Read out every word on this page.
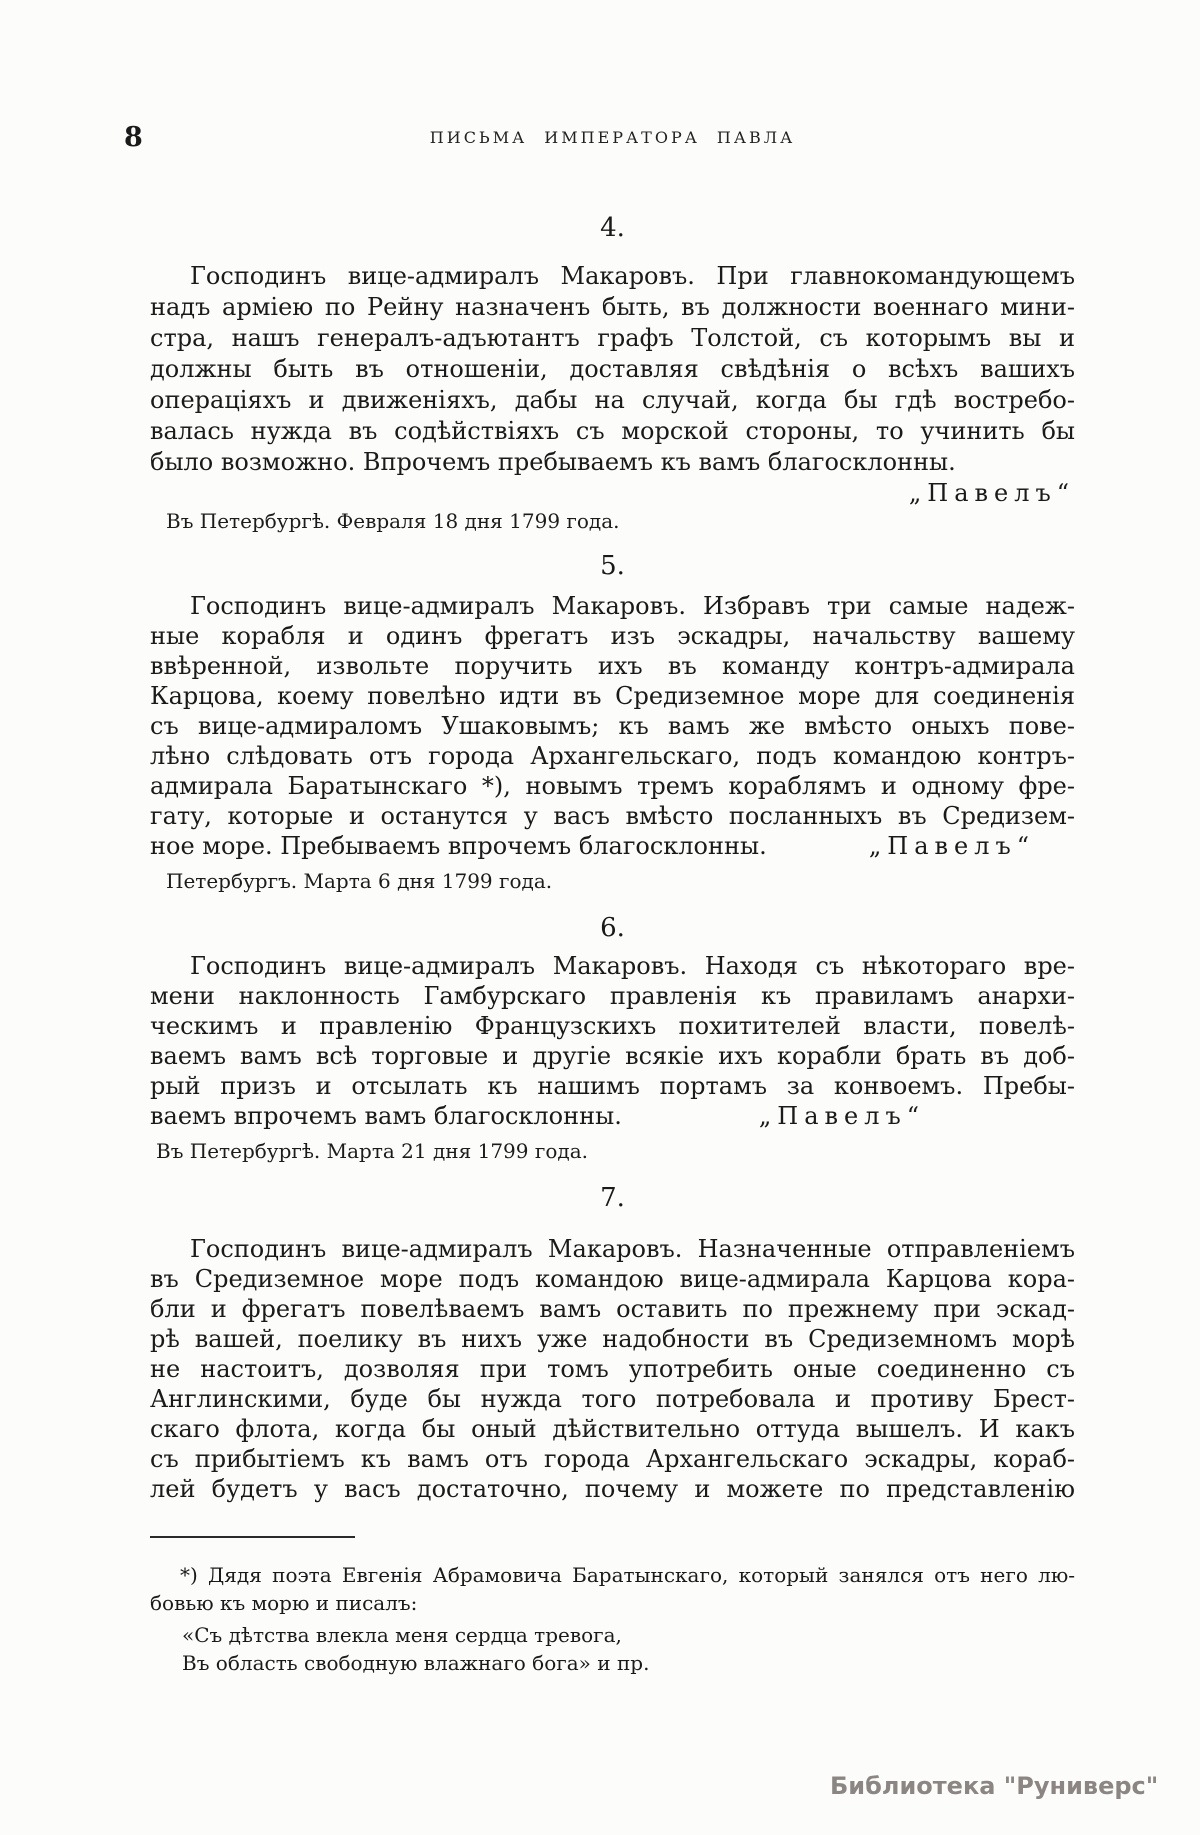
8	ПИСЬМА ИМПЕРАТОРА ПАВЛА
4.
Господинъ вице-адмиралъ Макаровъ. При главнокомандующемъ
надъ арміею по Рейну назначенъ быть, въ должности военнаго мини-
стра, нашъ генералъ-адъютантъ графъ Толстой, съ которымъ вы и
должны быть въ отношеніи, доставляя свѣдѣнія о всѣхъ вашихъ
операціяхъ и движеніяхъ, дабы на случай, когда бы гдѣ востребо-
валась нужда въ содѣйствіяхъ съ морской стороны, то учинить бы
было возможно. Впрочемъ пребываемъ къ вамъ благосклонны.
„Павелъ“
Въ Петербургѣ. Февраля 18 дня 1799 года.
5.
Господинъ вице-адмиралъ Макаровъ. Избравъ три самые надеж-
ные корабля и одинъ фрегатъ изъ эскадры, начальству вашему
ввѣренной, извольте поручить ихъ въ команду контръ-адмирала
Карцова, коему повелѣно идти въ Средиземное море для соединенія
съ вице-адмираломъ Ушаковымъ; къ вамъ же вмѣсто оныхъ пове-
лѣно слѣдовать отъ города Архангельскаго, подъ командою контръ-
адмирала Баратынскаго *), новымъ тремъ кораблямъ и одному фре-
гату, которые и останутся у васъ вмѣсто посланныхъ въ Средизем-
ное море. Пребываемъ впрочемъ благосклонны.	„Павелъ“
Петербургъ. Марта 6 дня 1799 года.
6.
Господинъ вице-адмиралъ Макаровъ. Находя съ нѣкотораго вре-
мени наклонность Гамбурскаго правленія къ правиламъ анархи-
ческимъ и правленію Французскихъ похитителей власти, повелѣ-
ваемъ вамъ всѣ торговые и другіе всякіе ихъ корабли брать въ доб-
рый призъ и отсылать къ нашимъ портамъ за конвоемъ. Пребы-
ваемъ впрочемъ вамъ благосклонны.	„Павелъ“
Въ Петербургѣ. Марта 21 дня 1799 года.
7.
Господинъ вице-адмиралъ Макаровъ. Назначенные отправленіемъ
въ Средиземное море подъ командою вице-адмирала Карцова кора-
бли и фрегатъ повелѣваемъ вамъ оставить по прежнему при эскад-
рѣ вашей, поелику въ нихъ уже надобности въ Средиземномъ морѣ
не настоитъ, дозволяя при томъ употребить оные соединенно съ
Англинскими, буде бы нужда того потребовала и противу Брест-
скаго флота, когда бы оный дѣйствительно оттуда вышелъ. И какъ
съ прибытіемъ къ вамъ отъ города Архангельскаго эскадры, кораб-
лей будетъ у васъ достаточно, почему и можете по представленію
*) Дядя поэта Евгенія Абрамовича Баратынскаго, который занялся отъ него лю-
бовью къ морю и писалъ:
«Съ дѣтства влекла меня сердца тревога,
Въ область свободную влажнаго бога» и пр.
Библиотека "Руниверс"
